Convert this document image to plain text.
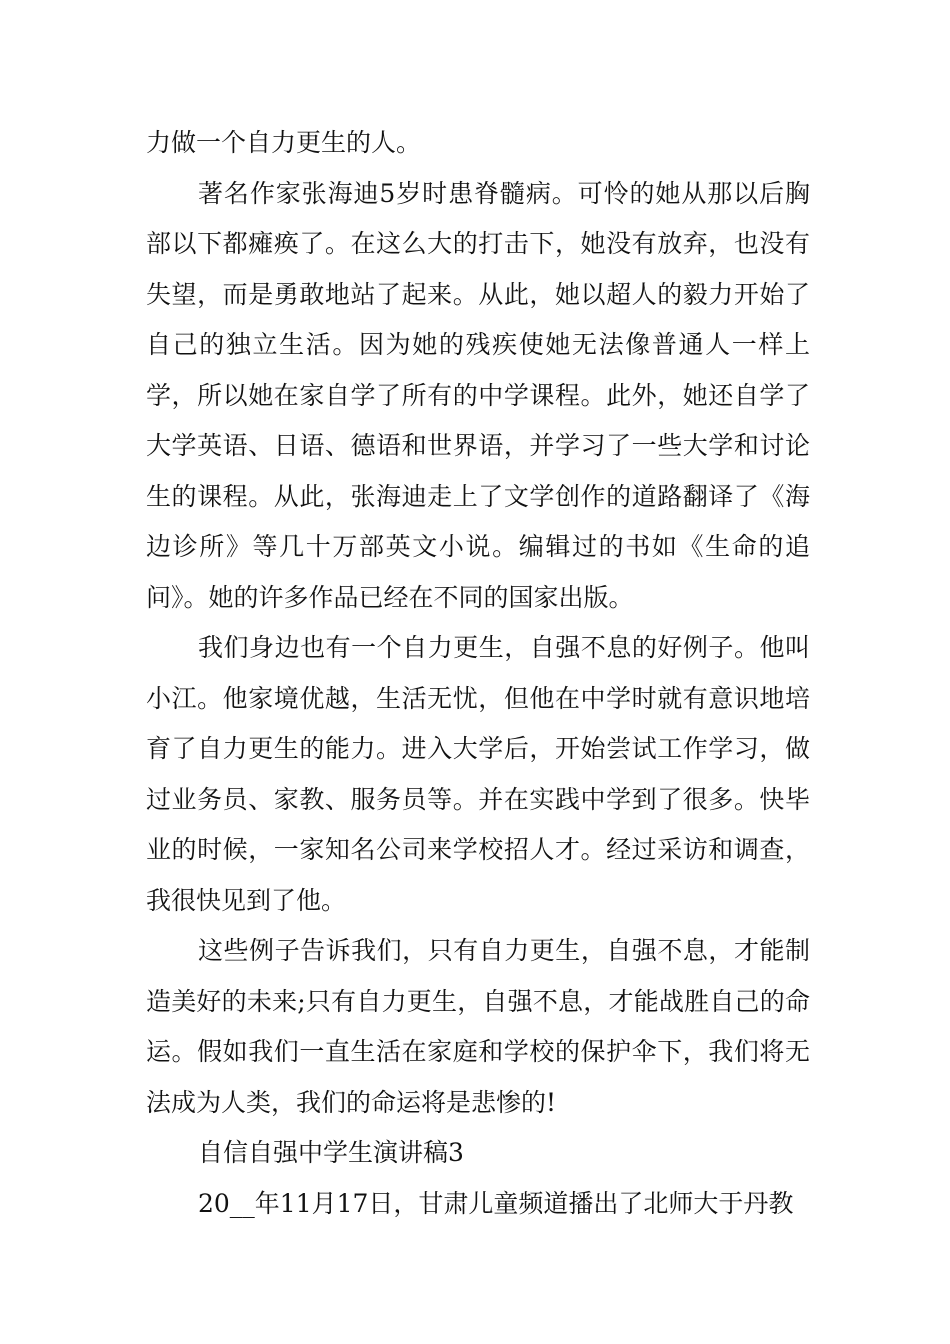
力做一个自力更生的人。

著名作家张海迪5岁时患脊髓病。可怜的她从那以后胸部以下都瘫痪了。在这么大的打击下，她没有放弃，也没有失望，而是勇敢地站了起来。从此，她以超人的毅力开始了自己的独立生活。因为她的残疾使她无法像普通人一样上学，所以她在家自学了所有的中学课程。此外，她还自学了大学英语、日语、德语和世界语，并学习了一些大学和讨论生的课程。从此，张海迪走上了文学创作的道路翻译了《海边诊所》等几十万部英文小说。编辑过的书如《生命的追问》。她的许多作品已经在不同的国家出版。

我们身边也有一个自力更生，自强不息的好例子。他叫小江。他家境优越，生活无忧，但他在中学时就有意识地培育了自力更生的能力。进入大学后，开始尝试工作学习，做过业务员、家教、服务员等。并在实践中学到了很多。快毕业的时候，一家知名公司来学校招人才。经过采访和调查，我很快见到了他。

这些例子告诉我们，只有自力更生，自强不息，才能制造美好的未来;只有自力更生，自强不息，才能战胜自己的命运。假如我们一直生活在家庭和学校的保护伞下，我们将无法成为人类，我们的命运将是悲惨的!

自信自强中学生演讲稿3

20__年11月17日，甘肃儿童频道播出了北师大于丹教
